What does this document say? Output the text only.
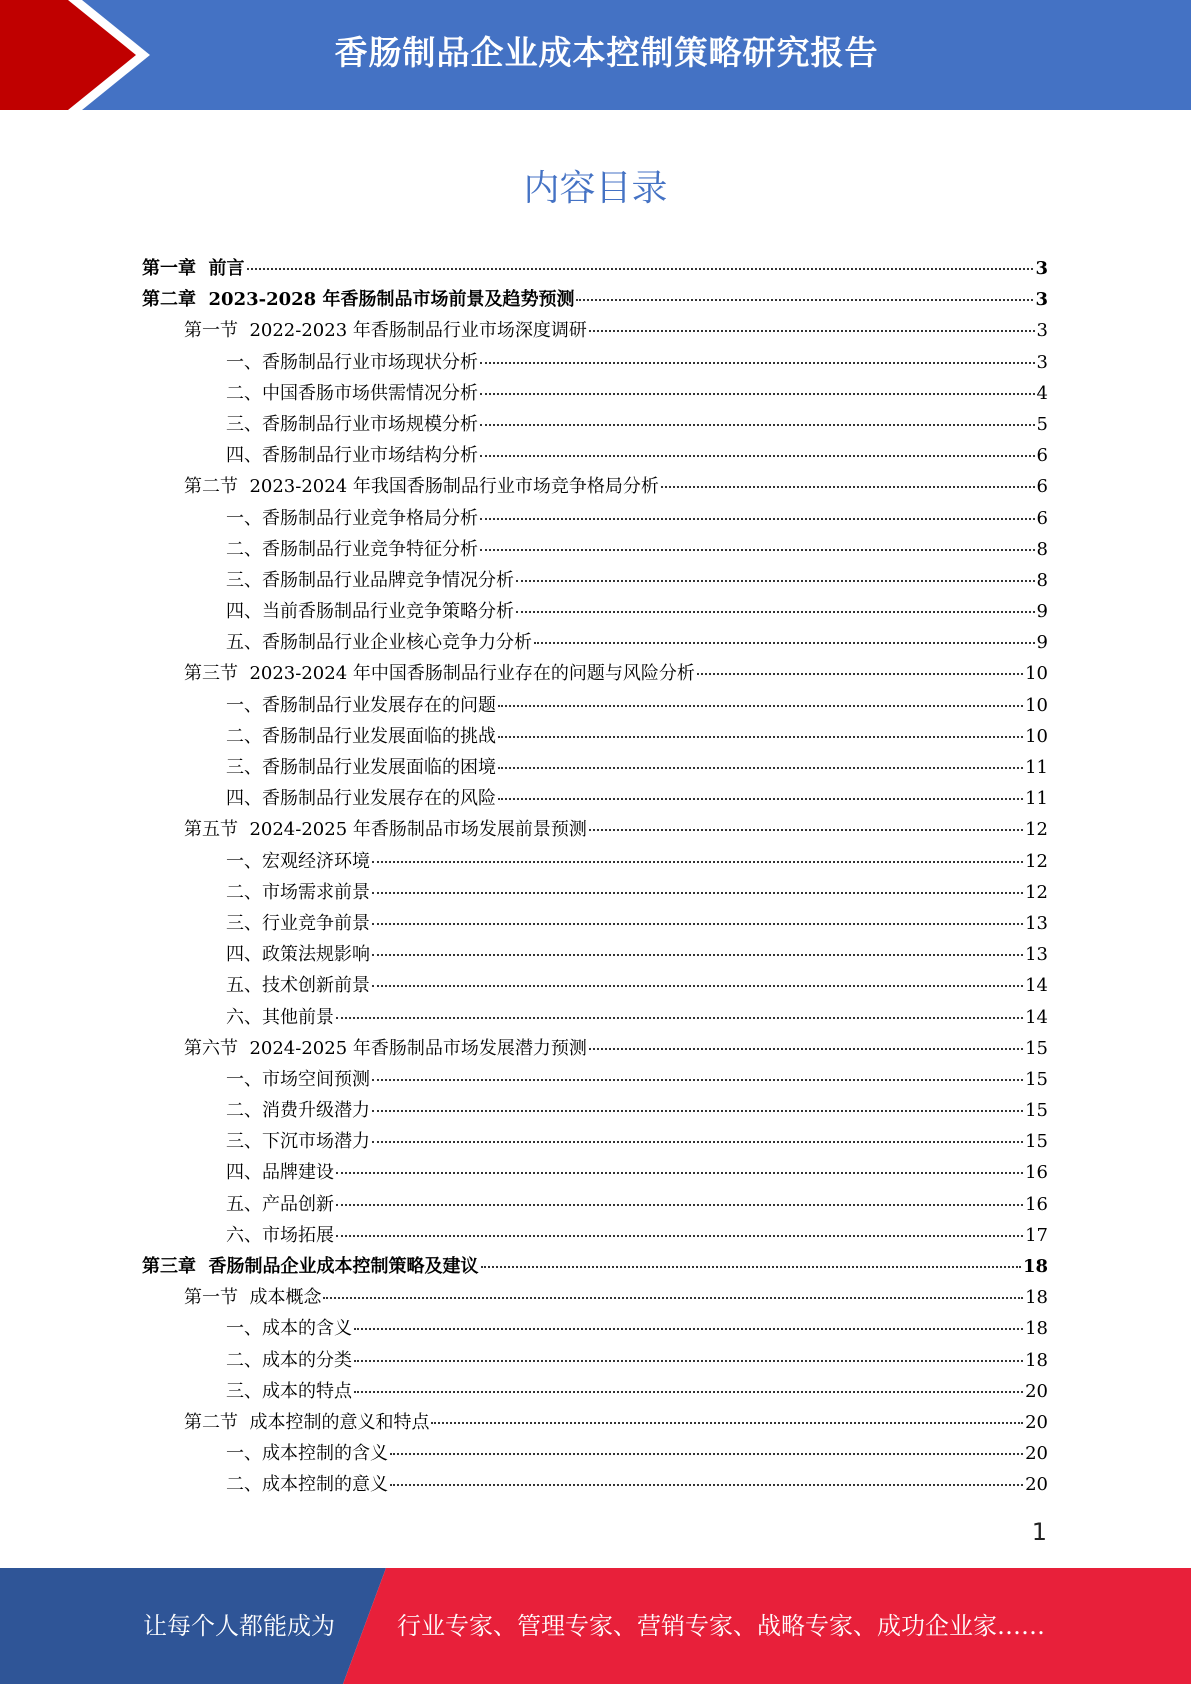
香肠制品企业成本控制策略研究报告
内容目录
第一章  前言	3
第二章  2023-2028 年香肠制品市场前景及趋势预测	3
第一节  2022-2023 年香肠制品行业市场深度调研	3
一、香肠制品行业市场现状分析	3
二、中国香肠市场供需情况分析	4
三、香肠制品行业市场规模分析	5
四、香肠制品行业市场结构分析	6
第二节  2023-2024 年我国香肠制品行业市场竞争格局分析	6
一、香肠制品行业竞争格局分析	6
二、香肠制品行业竞争特征分析	8
三、香肠制品行业品牌竞争情况分析	8
四、当前香肠制品行业竞争策略分析	9
五、香肠制品行业企业核心竞争力分析	9
第三节  2023-2024 年中国香肠制品行业存在的问题与风险分析	10
一、香肠制品行业发展存在的问题	10
二、香肠制品行业发展面临的挑战	10
三、香肠制品行业发展面临的困境	11
四、香肠制品行业发展存在的风险	11
第五节  2024-2025 年香肠制品市场发展前景预测	12
一、宏观经济环境	12
二、市场需求前景	12
三、行业竞争前景	13
四、政策法规影响	13
五、技术创新前景	14
六、其他前景	14
第六节  2024-2025 年香肠制品市场发展潜力预测	15
一、市场空间预测	15
二、消费升级潜力	15
三、下沉市场潜力	15
四、品牌建设	16
五、产品创新	16
六、市场拓展	17
第三章  香肠制品企业成本控制策略及建议	18
第一节  成本概念	18
一、成本的含义	18
二、成本的分类	18
三、成本的特点	20
第二节  成本控制的意义和特点	20
一、成本控制的含义	20
二、成本控制的意义	20
1
让每个人都能成为	行业专家、管理专家、营销专家、战略专家、成功企业家……
